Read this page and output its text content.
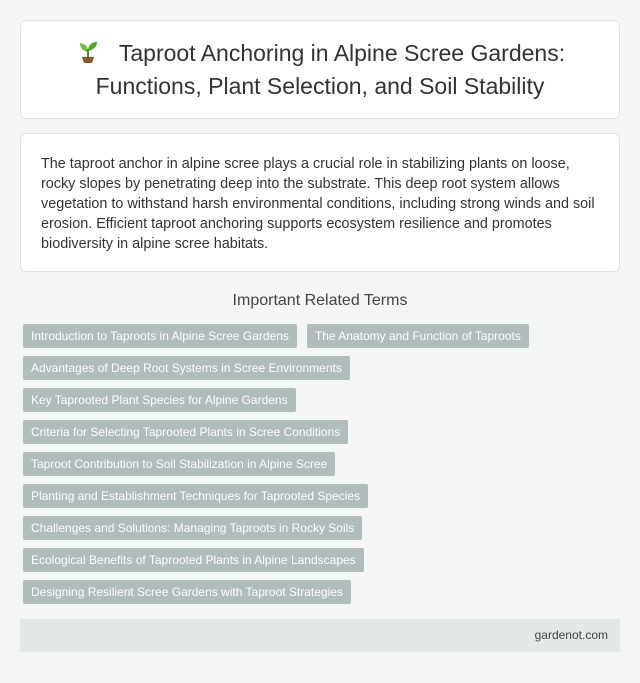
Taproot Anchoring in Alpine Scree Gardens: Functions, Plant Selection, and Soil Stability

The taproot anchor in alpine scree plays a crucial role in stabilizing plants on loose, rocky slopes by penetrating deep into the substrate. This deep root system allows vegetation to withstand harsh environmental conditions, including strong winds and soil erosion. Efficient taproot anchoring supports ecosystem resilience and promotes biodiversity in alpine scree habitats.

Important Related Terms
Introduction to Taproots in Alpine Scree Gardens	The Anatomy and Function of Taproots
Advantages of Deep Root Systems in Scree Environments
Key Taprooted Plant Species for Alpine Gardens
Criteria for Selecting Taprooted Plants in Scree Conditions
Taproot Contribution to Soil Stabilization in Alpine Scree
Planting and Establishment Techniques for Taprooted Species
Challenges and Solutions: Managing Taproots in Rocky Soils
Ecological Benefits of Taprooted Plants in Alpine Landscapes
Designing Resilient Scree Gardens with Taproot Strategies
gardenot.com
